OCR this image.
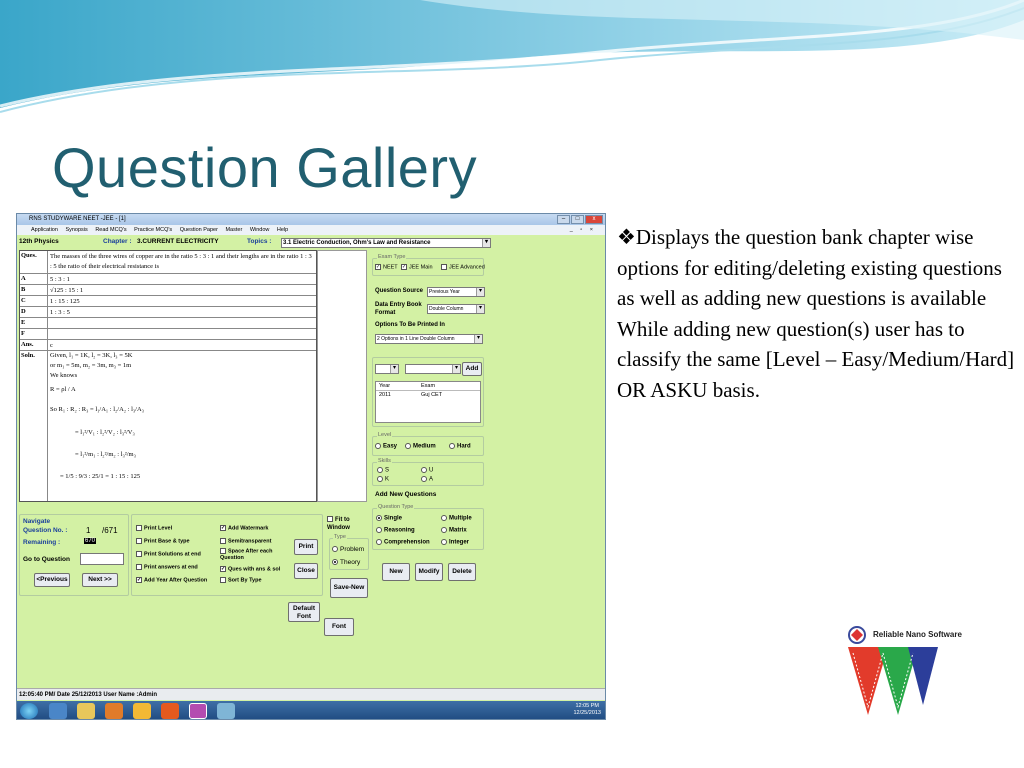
Question Gallery

❖Displays the question bank chapter wise

options for editing/deleting existing questions as well as adding new questions is available

While adding new question(s) user has to classify the same [Level – Easy/Medium/Hard] OR ASKU basis.

RNS STUDYWARE NEET -JEE - [1]	–	□	x
Application Synopsis Read MCQ's Practice MCQ's Question Paper Master Window Help	_ ▫ ×
12th Physics	Chapter : 3.CURRENT ELECTRICITY	Topics :	3.1 Electric Conduction, Ohm's Law and Resistance ▾
Ques. The masses of the three wires of copper are in the ratio 5 : 3 : 1 and their lengths are in the ratio 1 : 3 : 5 the ratio of their electrical resistance is
A	5 : 3 : 1
B	√125 : 15 : 1
C	1 : 15 : 125
D	1 : 3 : 5
E
F
Ans.	c
Soln. Given, l₁ = 1K, l₂ = 3K, l₃ = 5K
or m₁ = 5m, m₂ = 3m, m₃ = 1m
We knows
R = ρl / A
So R₁ : R₂ : R₃ = l₁/A₁ : l₂/A₂ : l₃/A₃
= l₁²/V₁ : l₂²/V₂ : l₃²/V₃
= l₁²/m₁ : l₂²/m₂ : l₃²/m₃
= 1/5 : 9/3 : 25/1 = 1 : 15 : 125
Exam Type
✓ NEET ✓ JEE Main	JEE Advanced
Question Source	Previous Year ▾
Data Entry Book Format
Double Column ▾
Options To Be Printed In
2 Options in 1 Line Double Column ▾
▾
▾
Add
Year	Exam
2011	Guj CET
Level
Easy	Medium	Hard
Skills
S	U
K	A
Add New Questions
Question Type
Single	Multiple
Reasoning	Matrix
Comprehension	Integer
New	Modify	Delete
Navigate
Question No. : 1 /671
Remaining :	670
Go to Question
<Previous	Next >>
Print Level	✓ Add Watermark
Print Base & type	Semitransparent
Print Solutions at end	Space After each Question
Print answers at end	✓ Ques with ans & sol
✓ Add Year After Question	Sort By Type
Print
Close
Fit to Window
Type
Problem
Theory
Save-New
Default Font
Font
12:05:40 PM/ Date 25/12/2013 User Name :Admin
12:05 PM
12/25/2013
Reliable Nano Software
